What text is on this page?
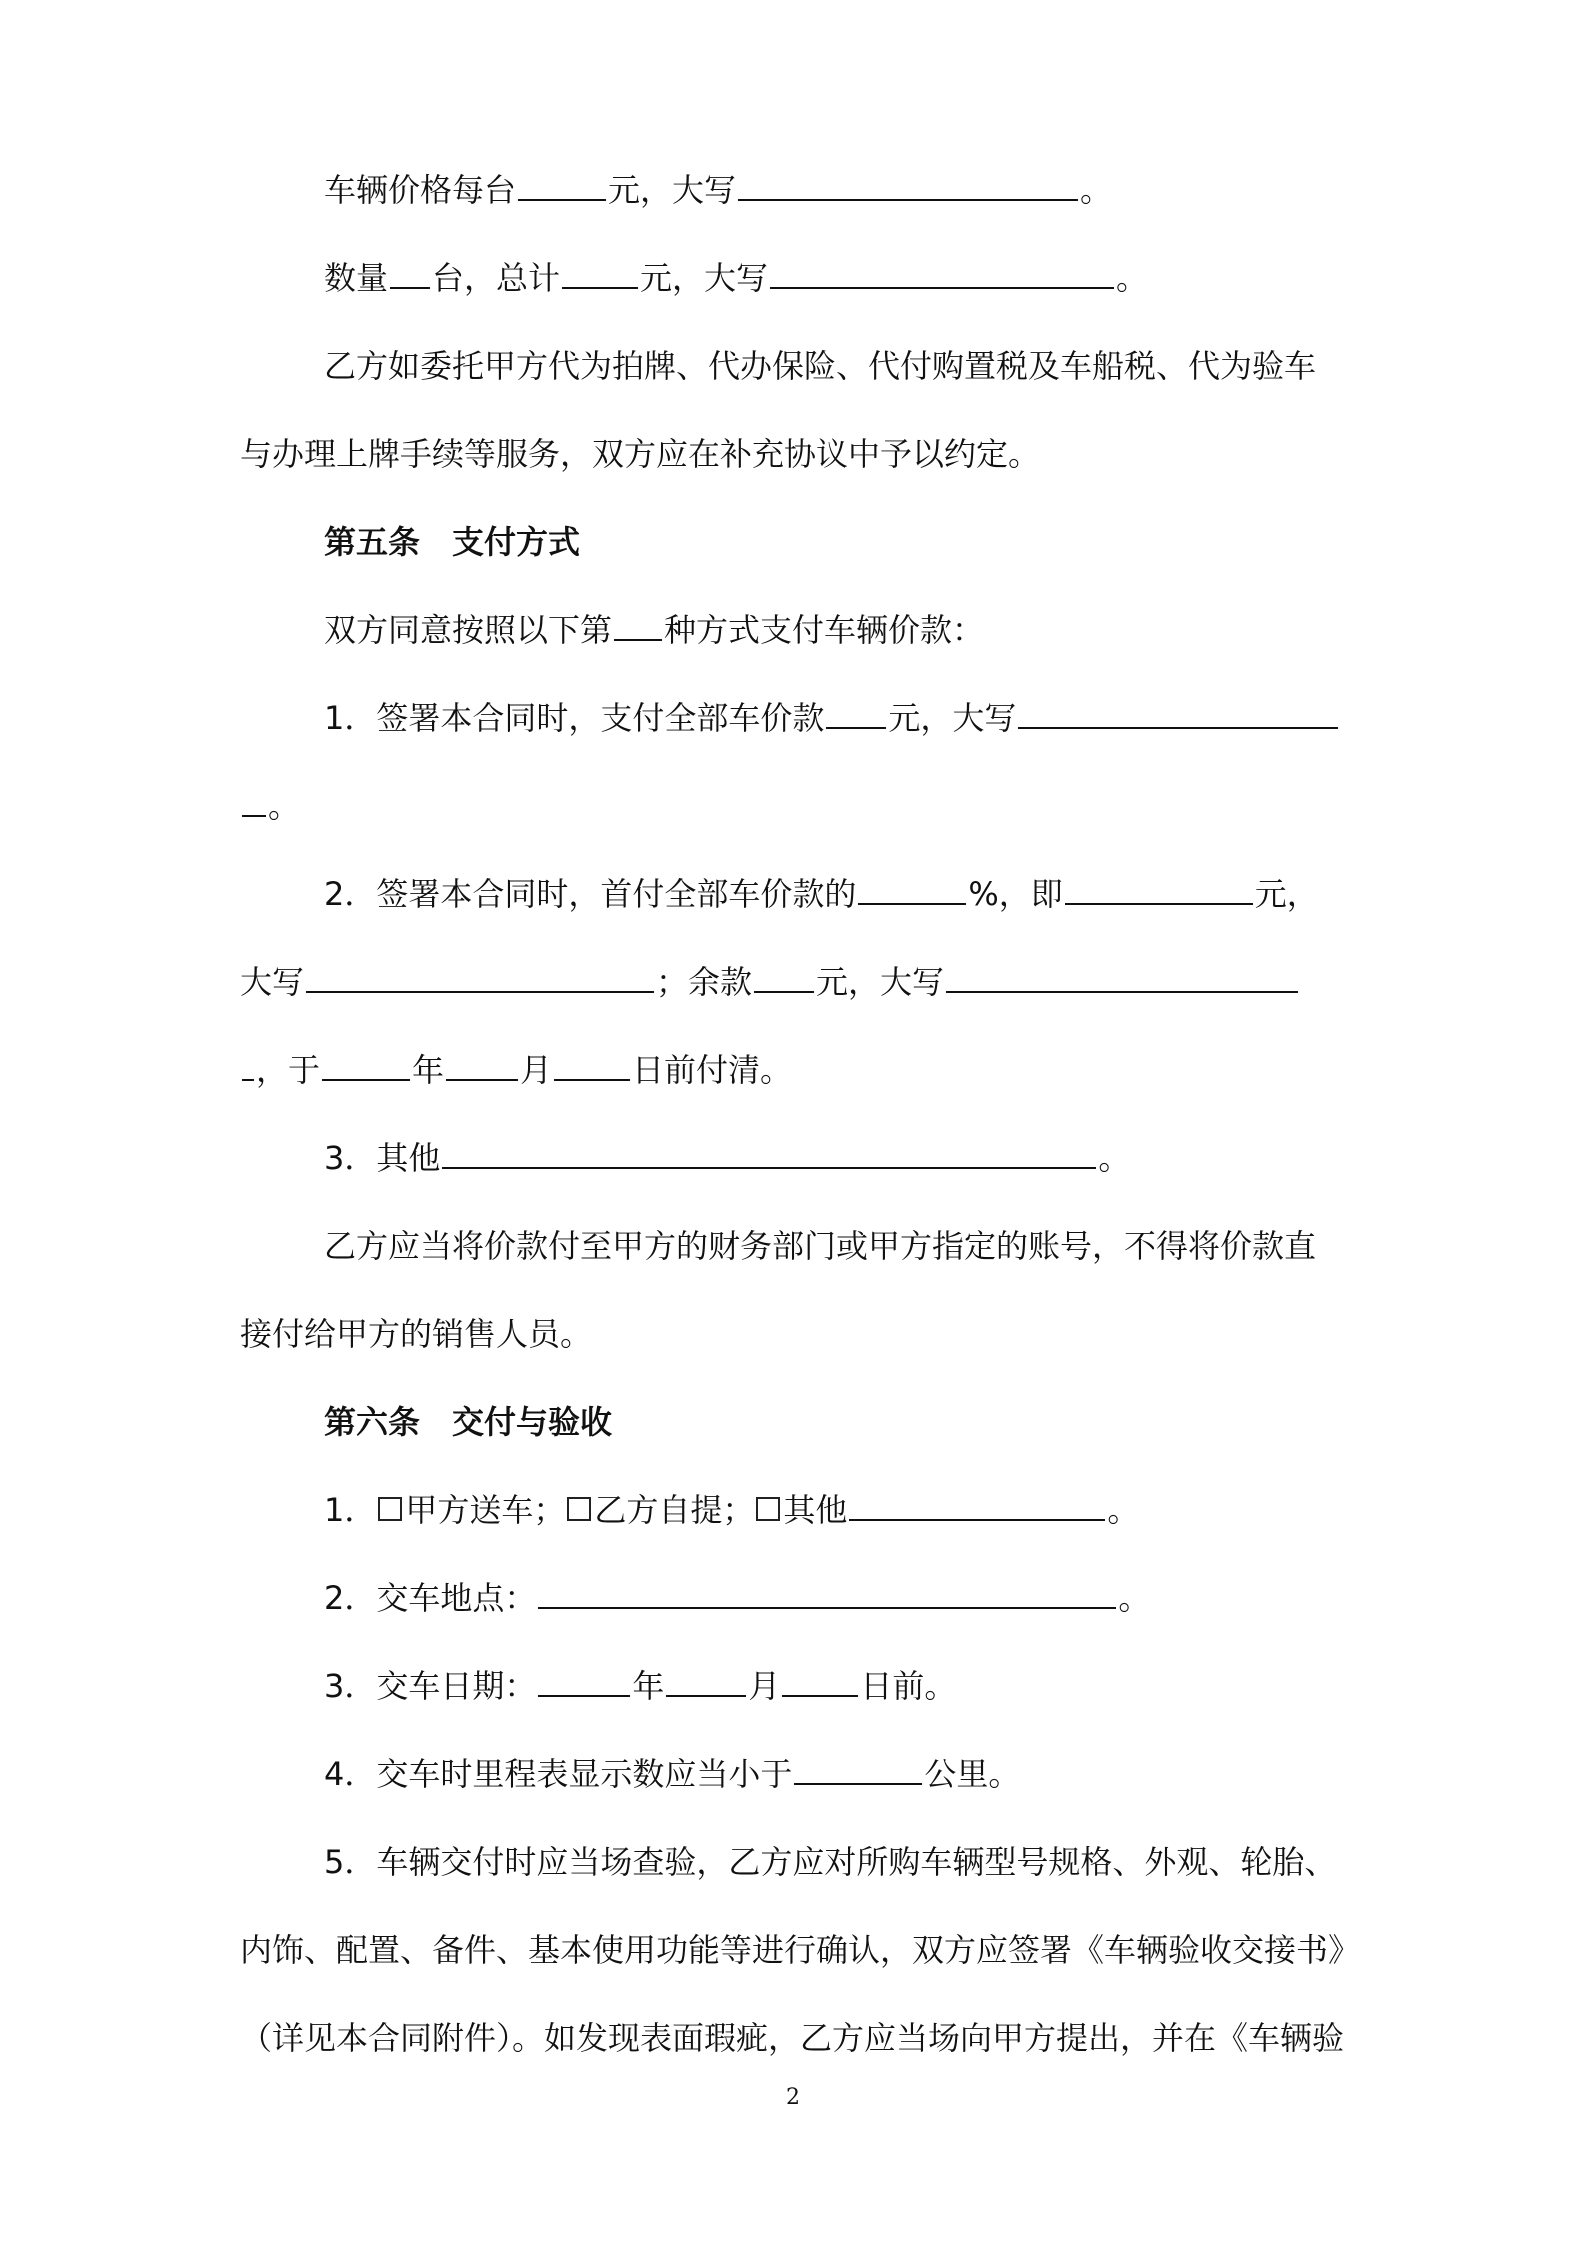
车辆价格每台	元，大写	。
数量 台，总计	元，大写	。
乙方如委托甲方代为拍牌、代办保险、代付购置税及车船税、代为验车
与办理上牌手续等服务，双方应在补充协议中予以约定。
第五条　支付方式
双方同意按照以下第 种方式支付车辆价款：
1．签署本合同时，支付全部车价款 元，大写
。
2．签署本合同时，首付全部车价款的	%，即	元，
大写	；余款 元，大写
，于	年 月	日前付清。
3．其他	。
乙方应当将价款付至甲方的财务部门或甲方指定的账号，不得将价款直
接付给甲方的销售人员。
第六条　交付与验收
1． 甲方送车； 乙方自提； 其他	。
2．交车地点：	。
3．交车日期：	年	月	日前。
4．交车时里程表显示数应当小于	公里。
5．车辆交付时应当场查验，乙方应对所购车辆型号规格、外观、轮胎、
内饰、配置、备件、基本使用功能等进行确认，双方应签署《车辆验收交接书》
（详见本合同附件）。如发现表面瑕疵，乙方应当场向甲方提出，并在《车辆验
2
